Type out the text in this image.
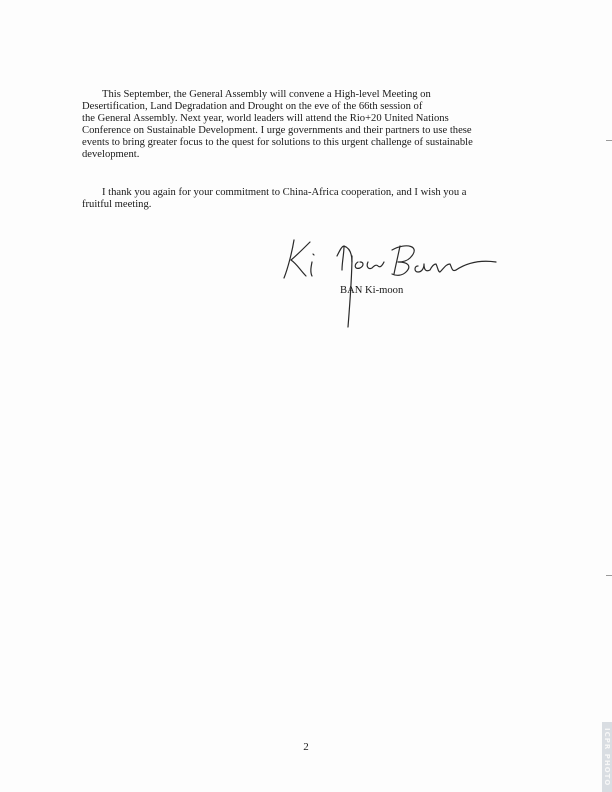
This September, the General Assembly will convene a High-level Meeting on
Desertification, Land Degradation and Drought on the eve of the 66th session of
the General Assembly. Next year, world leaders will attend the Rio+20 United Nations
Conference on Sustainable Development. I urge governments and their partners to use these
events to bring greater focus to the quest for solutions to this urgent challenge of sustainable
development.

I thank you again for your commitment to China-Africa cooperation, and I wish you a
fruitful meeting.

BAN Ki-moon
2	ICPR PHOTO
